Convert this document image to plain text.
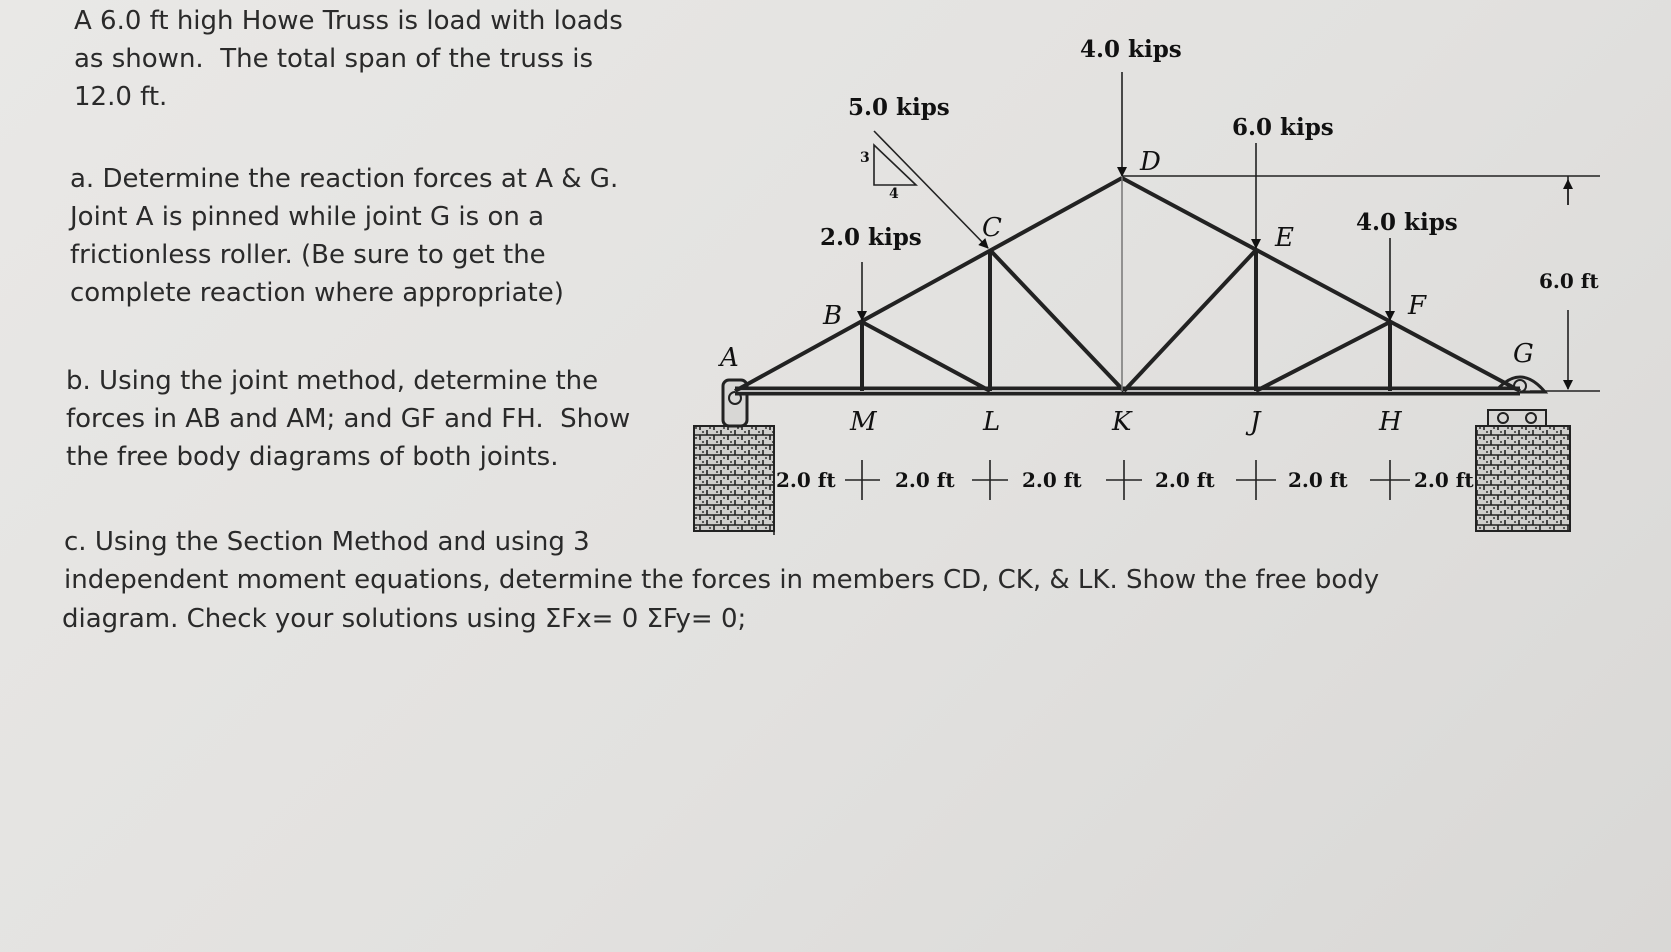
A 6.0 ft high Howe Truss is load with loads
as shown.  The total span of the truss is
12.0 ft.
a. Determine the reaction forces at A & G.
Joint A is pinned while joint G is on a
frictionless roller. (Be sure to get the
complete reaction where appropriate)
b. Using the joint method, determine the
forces in AB and AM; and GF and FH.  Show
the free body diagrams of both joints.
c. Using the Section Method and using 3
independent moment equations, determine the forces in members CD, CK, & LK. Show the free body
diagram. Check your solutions using ΣFx= 0 ΣFy= 0;
6.0 ft
4.0 kips
5.0 kips
3
4
6.0 kips
2.0 kips
4.0 kips
A
B
C
D
E
F
G
M	L	K	J	H
2.0 ft	2.0 ft	2.0 ft	2.0 ft	2.0 ft	2.0 ft
